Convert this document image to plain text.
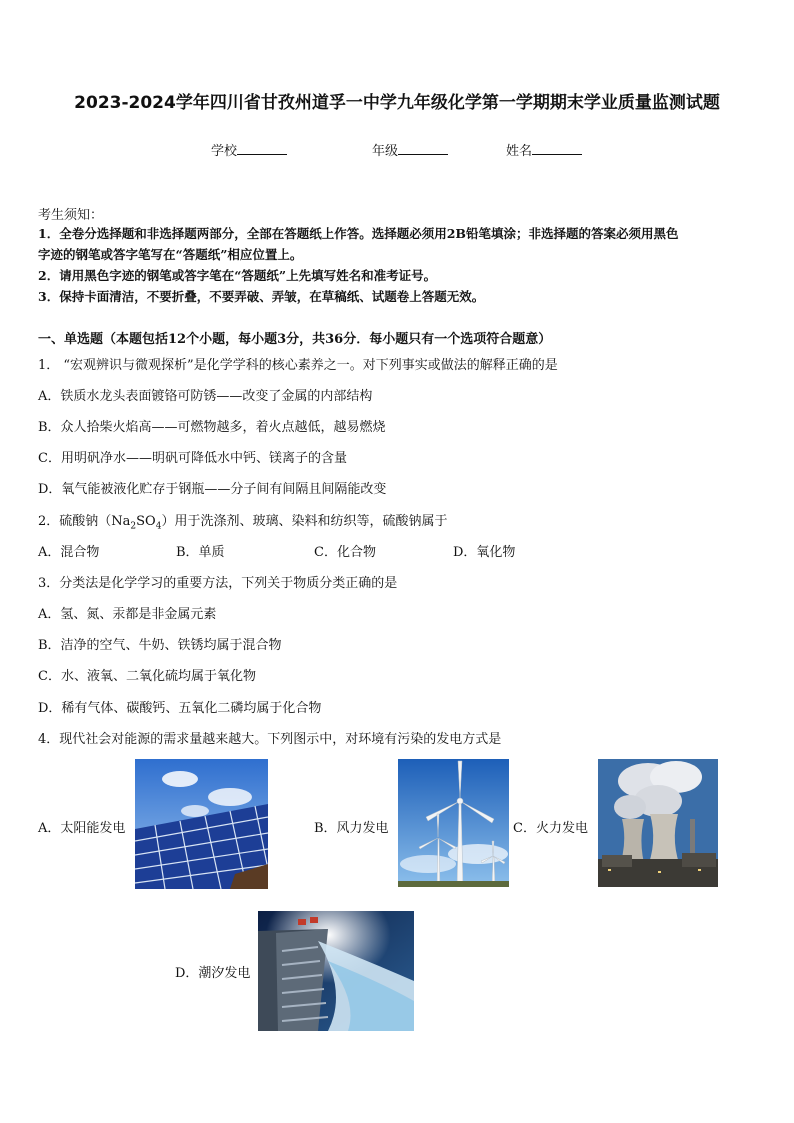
2023-2024学年四川省甘孜州道孚一中学九年级化学第一学期期末学业质量监测试题
学校	年级	姓名
考生须知：
1．全卷分选择题和非选择题两部分，全部在答题纸上作答。选择题必须用2B铅笔填涂；非选择题的答案必须用黑色
字迹的钢笔或答字笔写在“答题纸”相应位置上。
2．请用黑色字迹的钢笔或答字笔在“答题纸”上先填写姓名和准考证号。
3．保持卡面清洁，不要折叠，不要弄破、弄皱，在草稿纸、试题卷上答题无效。
一、单选题（本题包括12个小题，每小题3分，共36分．每小题只有一个选项符合题意）
1． “宏观辨识与微观探析”是化学学科的核心素养之一。对下列事实或做法的解释正确的是
A．铁质水龙头表面镀铬可防锈——改变了金属的内部结构
B．众人拾柴火焰高——可燃物越多，着火点越低，越易燃烧
C．用明矾净水——明矾可降低水中钙、镁离子的含量
D．氧气能被液化贮存于钢瓶——分子间有间隔且间隔能改变
2．硫酸钠$(Na_2SO_4)$用于洗涤剂、玻璃、染料和纺织等，硫酸钠属于
A．混合物	B．单质	C．化合物	D．氧化物
3．分类法是化学学习的重要方法，下列关于物质分类正确的是
A．氢、氮、汞都是非金属元素
B．洁净的空气、牛奶、铁锈均属于混合物
C．水、液氧、二氧化硫均属于氧化物
D．稀有气体、碳酸钙、五氧化二磷均属于化合物
4．现代社会对能源的需求量越来越大。下列图示中，对环境有污染的发电方式是
A．太阳能发电	B．风力发电	C．火力发电
D．潮汐发电
